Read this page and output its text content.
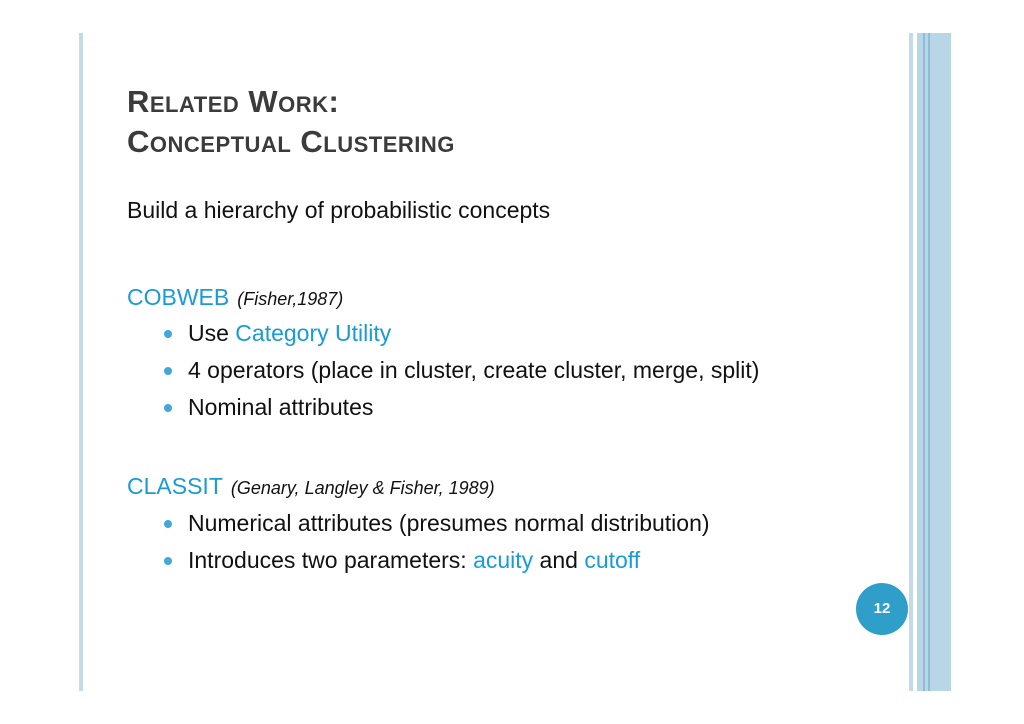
Related Work:
Conceptual Clustering
Build a hierarchy of probabilistic concepts
COBWEB (Fisher,1987)
Use Category Utility
4 operators (place in cluster, create cluster, merge, split)
Nominal attributes
CLASSIT (Genary, Langley & Fisher, 1989)
Numerical attributes (presumes normal distribution)
Introduces two parameters: acuity and cutoff
12
